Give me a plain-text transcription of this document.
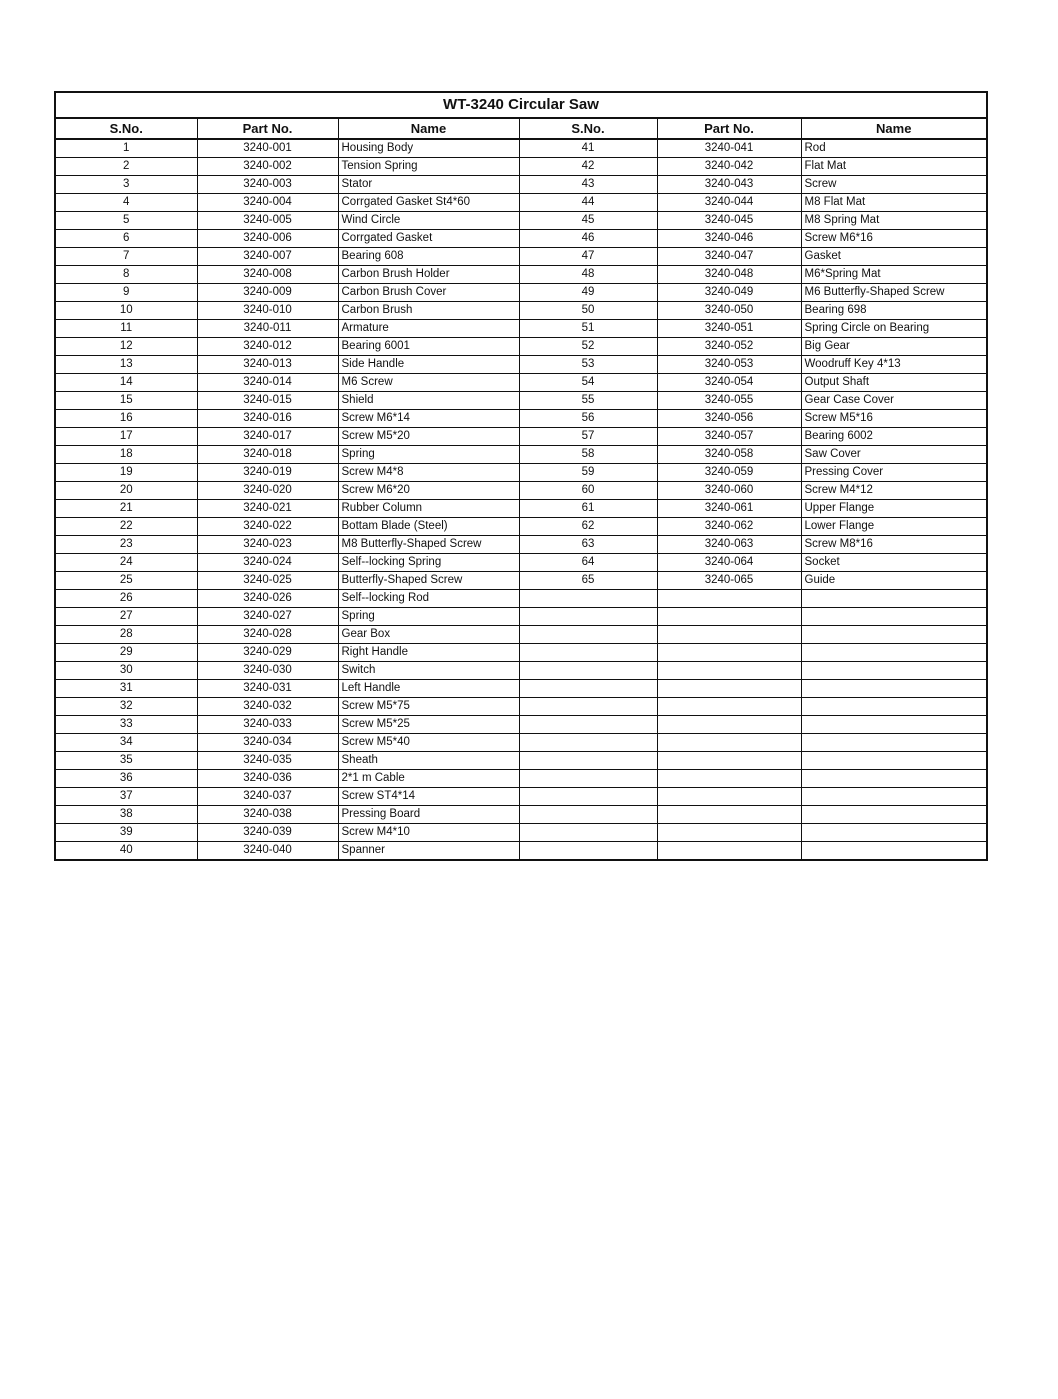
WT-3240 Circular Saw
S.No.	Part No.	Name	S.No.	Part No.	Name
1	3240-001	Housing Body	41	3240-041	Rod
2	3240-002	Tension Spring	42	3240-042	Flat Mat
3	3240-003	Stator	43	3240-043	Screw
4	3240-004	Corrgated Gasket St4*60	44	3240-044	M8 Flat Mat
5	3240-005	Wind Circle	45	3240-045	M8 Spring Mat
6	3240-006	Corrgated Gasket	46	3240-046	Screw M6*16
7	3240-007	Bearing 608	47	3240-047	Gasket
8	3240-008	Carbon Brush Holder	48	3240-048	M6*Spring Mat
9	3240-009	Carbon Brush Cover	49	3240-049	M6 Butterfly-Shaped Screw
10	3240-010	Carbon Brush	50	3240-050	Bearing 698
11	3240-011	Armature	51	3240-051	Spring Circle on Bearing
12	3240-012	Bearing 6001	52	3240-052	Big Gear
13	3240-013	Side Handle	53	3240-053	Woodruff Key 4*13
14	3240-014	M6 Screw	54	3240-054	Output Shaft
15	3240-015	Shield	55	3240-055	Gear Case Cover
16	3240-016	Screw M6*14	56	3240-056	Screw M5*16
17	3240-017	Screw M5*20	57	3240-057	Bearing 6002
18	3240-018	Spring	58	3240-058	Saw Cover
19	3240-019	Screw M4*8	59	3240-059	Pressing Cover
20	3240-020	Screw M6*20	60	3240-060	Screw M4*12
21	3240-021	Rubber Column	61	3240-061	Upper Flange
22	3240-022	Bottam Blade (Steel)	62	3240-062	Lower Flange
23	3240-023	M8 Butterfly-Shaped Screw	63	3240-063	Screw M8*16
24	3240-024	Self--locking Spring	64	3240-064	Socket
25	3240-025	Butterfly-Shaped Screw	65	3240-065	Guide
26	3240-026	Self--locking Rod			
27	3240-027	Spring			
28	3240-028	Gear Box			
29	3240-029	Right Handle			
30	3240-030	Switch			
31	3240-031	Left Handle			
32	3240-032	Screw M5*75			
33	3240-033	Screw M5*25			
34	3240-034	Screw M5*40			
35	3240-035	Sheath			
36	3240-036	2*1 m Cable			
37	3240-037	Screw ST4*14			
38	3240-038	Pressing Board			
39	3240-039	Screw M4*10			
40	3240-040	Spanner			
